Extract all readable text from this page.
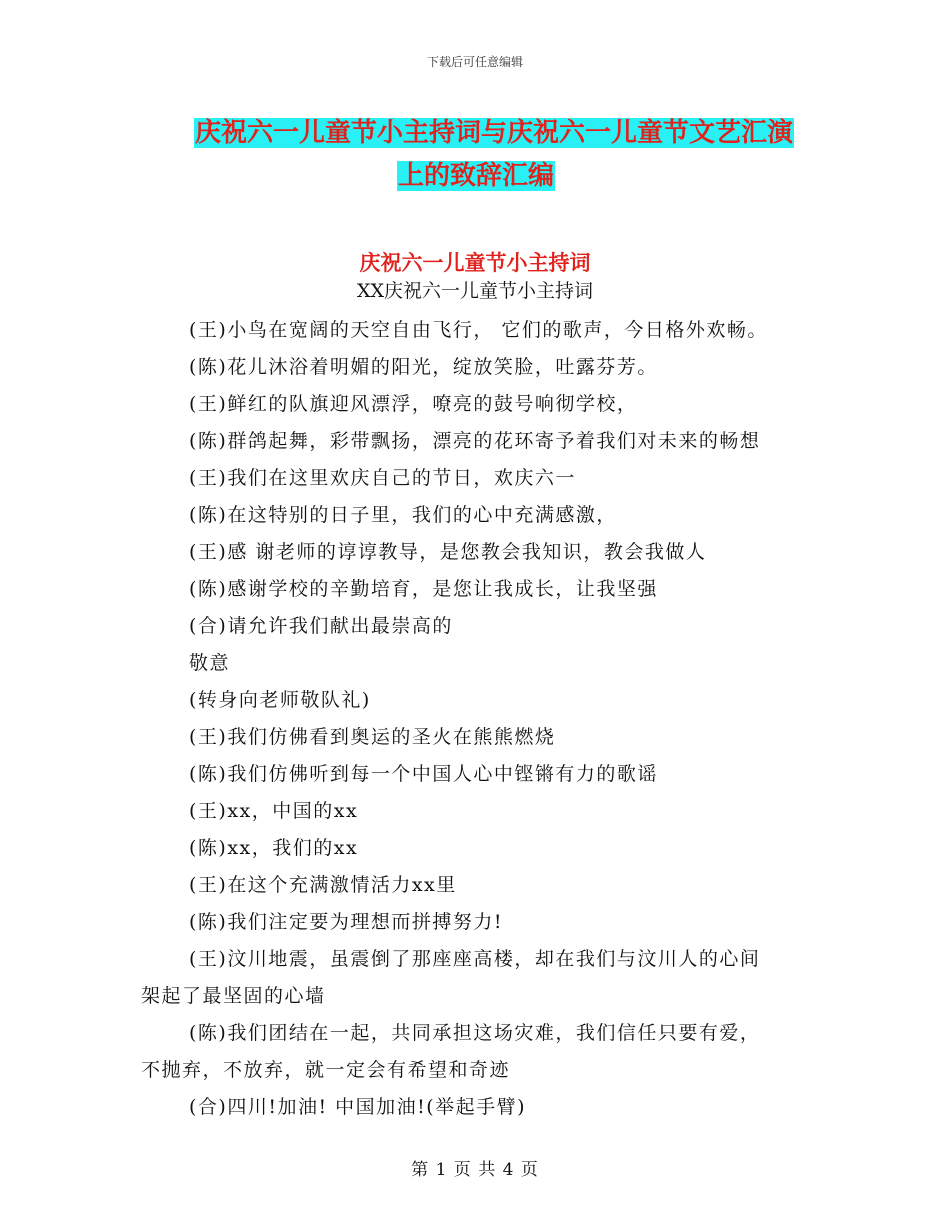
下载后可任意编辑
庆祝六一儿童节小主持词与庆祝六一儿童节文艺汇演
上的致辞汇编
庆祝六一儿童节小主持词
XX庆祝六一儿童节小主持词
(王)小鸟在宽阔的天空自由飞行， 它们的歌声，今日格外欢畅。
(陈)花儿沐浴着明媚的阳光，绽放笑脸，吐露芬芳。
(王)鲜红的队旗迎风漂浮，嘹亮的鼓号响彻学校，
(陈)群鸽起舞，彩带飘扬，漂亮的花环寄予着我们对未来的畅想
(王)我们在这里欢庆自己的节日，欢庆六一
(陈)在这特别的日子里，我们的心中充满感激，
(王)感 谢老师的谆谆教导，是您教会我知识，教会我做人
(陈)感谢学校的辛勤培育，是您让我成长，让我坚强
(合)请允许我们献出最崇高的
敬意
(转身向老师敬队礼)
(王)我们仿佛看到奥运的圣火在熊熊燃烧
(陈)我们仿佛听到每一个中国人心中铿锵有力的歌谣
(王)xx，中国的xx
(陈)xx，我们的xx
(王)在这个充满激情活力xx里
(陈)我们注定要为理想而拼搏努力!
(王)汶川地震，虽震倒了那座座高楼，却在我们与汶川人的心间
架起了最坚固的心墙
(陈)我们团结在一起，共同承担这场灾难，我们信任只要有爱，
不抛弃，不放弃，就一定会有希望和奇迹
(合)四川!加油! 中国加油!(举起手臂)
第 1 页 共 4 页
